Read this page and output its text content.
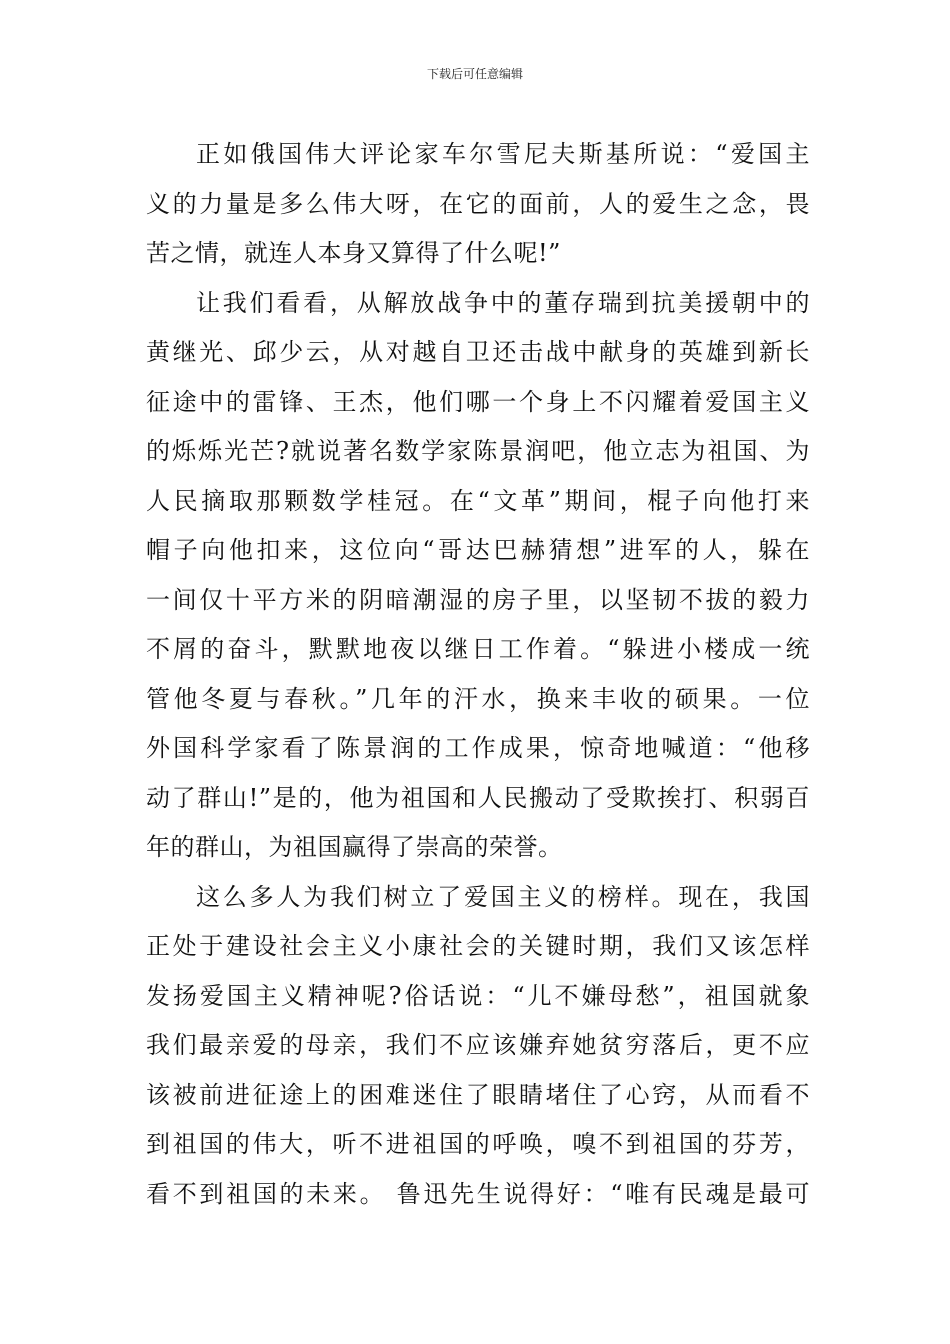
下载后可任意编辑
正如俄国伟大评论家车尔雪尼夫斯基所说：“爱国主
义的力量是多么伟大呀，在它的面前，人的爱生之念，畏
苦之情，就连人本身又算得了什么呢!”
让我们看看，从解放战争中的董存瑞到抗美援朝中的
黄继光、邱少云，从对越自卫还击战中献身的英雄到新长
征途中的雷锋、王杰，他们哪一个身上不闪耀着爱国主义
的烁烁光芒?就说著名数学家陈景润吧，他立志为祖国、为
人民摘取那颗数学桂冠。在“文革”期间，棍子向他打来
帽子向他扣来，这位向“哥达巴赫猜想”进军的人，躲在
一间仅十平方米的阴暗潮湿的房子里，以坚韧不拔的毅力
不屑的奋斗，默默地夜以继日工作着。“躲进小楼成一统
管他冬夏与春秋。”几年的汗水，换来丰收的硕果。一位
外国科学家看了陈景润的工作成果，惊奇地喊道：“他移
动了群山!”是的，他为祖国和人民搬动了受欺挨打、积弱百
年的群山，为祖国赢得了崇高的荣誉。
这么多人为我们树立了爱国主义的榜样。现在，我国
正处于建设社会主义小康社会的关键时期，我们又该怎样
发扬爱国主义精神呢?俗话说：“儿不嫌母愁”，祖国就象
我们最亲爱的母亲，我们不应该嫌弃她贫穷落后，更不应
该被前进征途上的困难迷住了眼睛堵住了心窍，从而看不
到祖国的伟大，听不进祖国的呼唤，嗅不到祖国的芬芳，
看不到祖国的未来。 鲁迅先生说得好：“唯有民魂是最可
